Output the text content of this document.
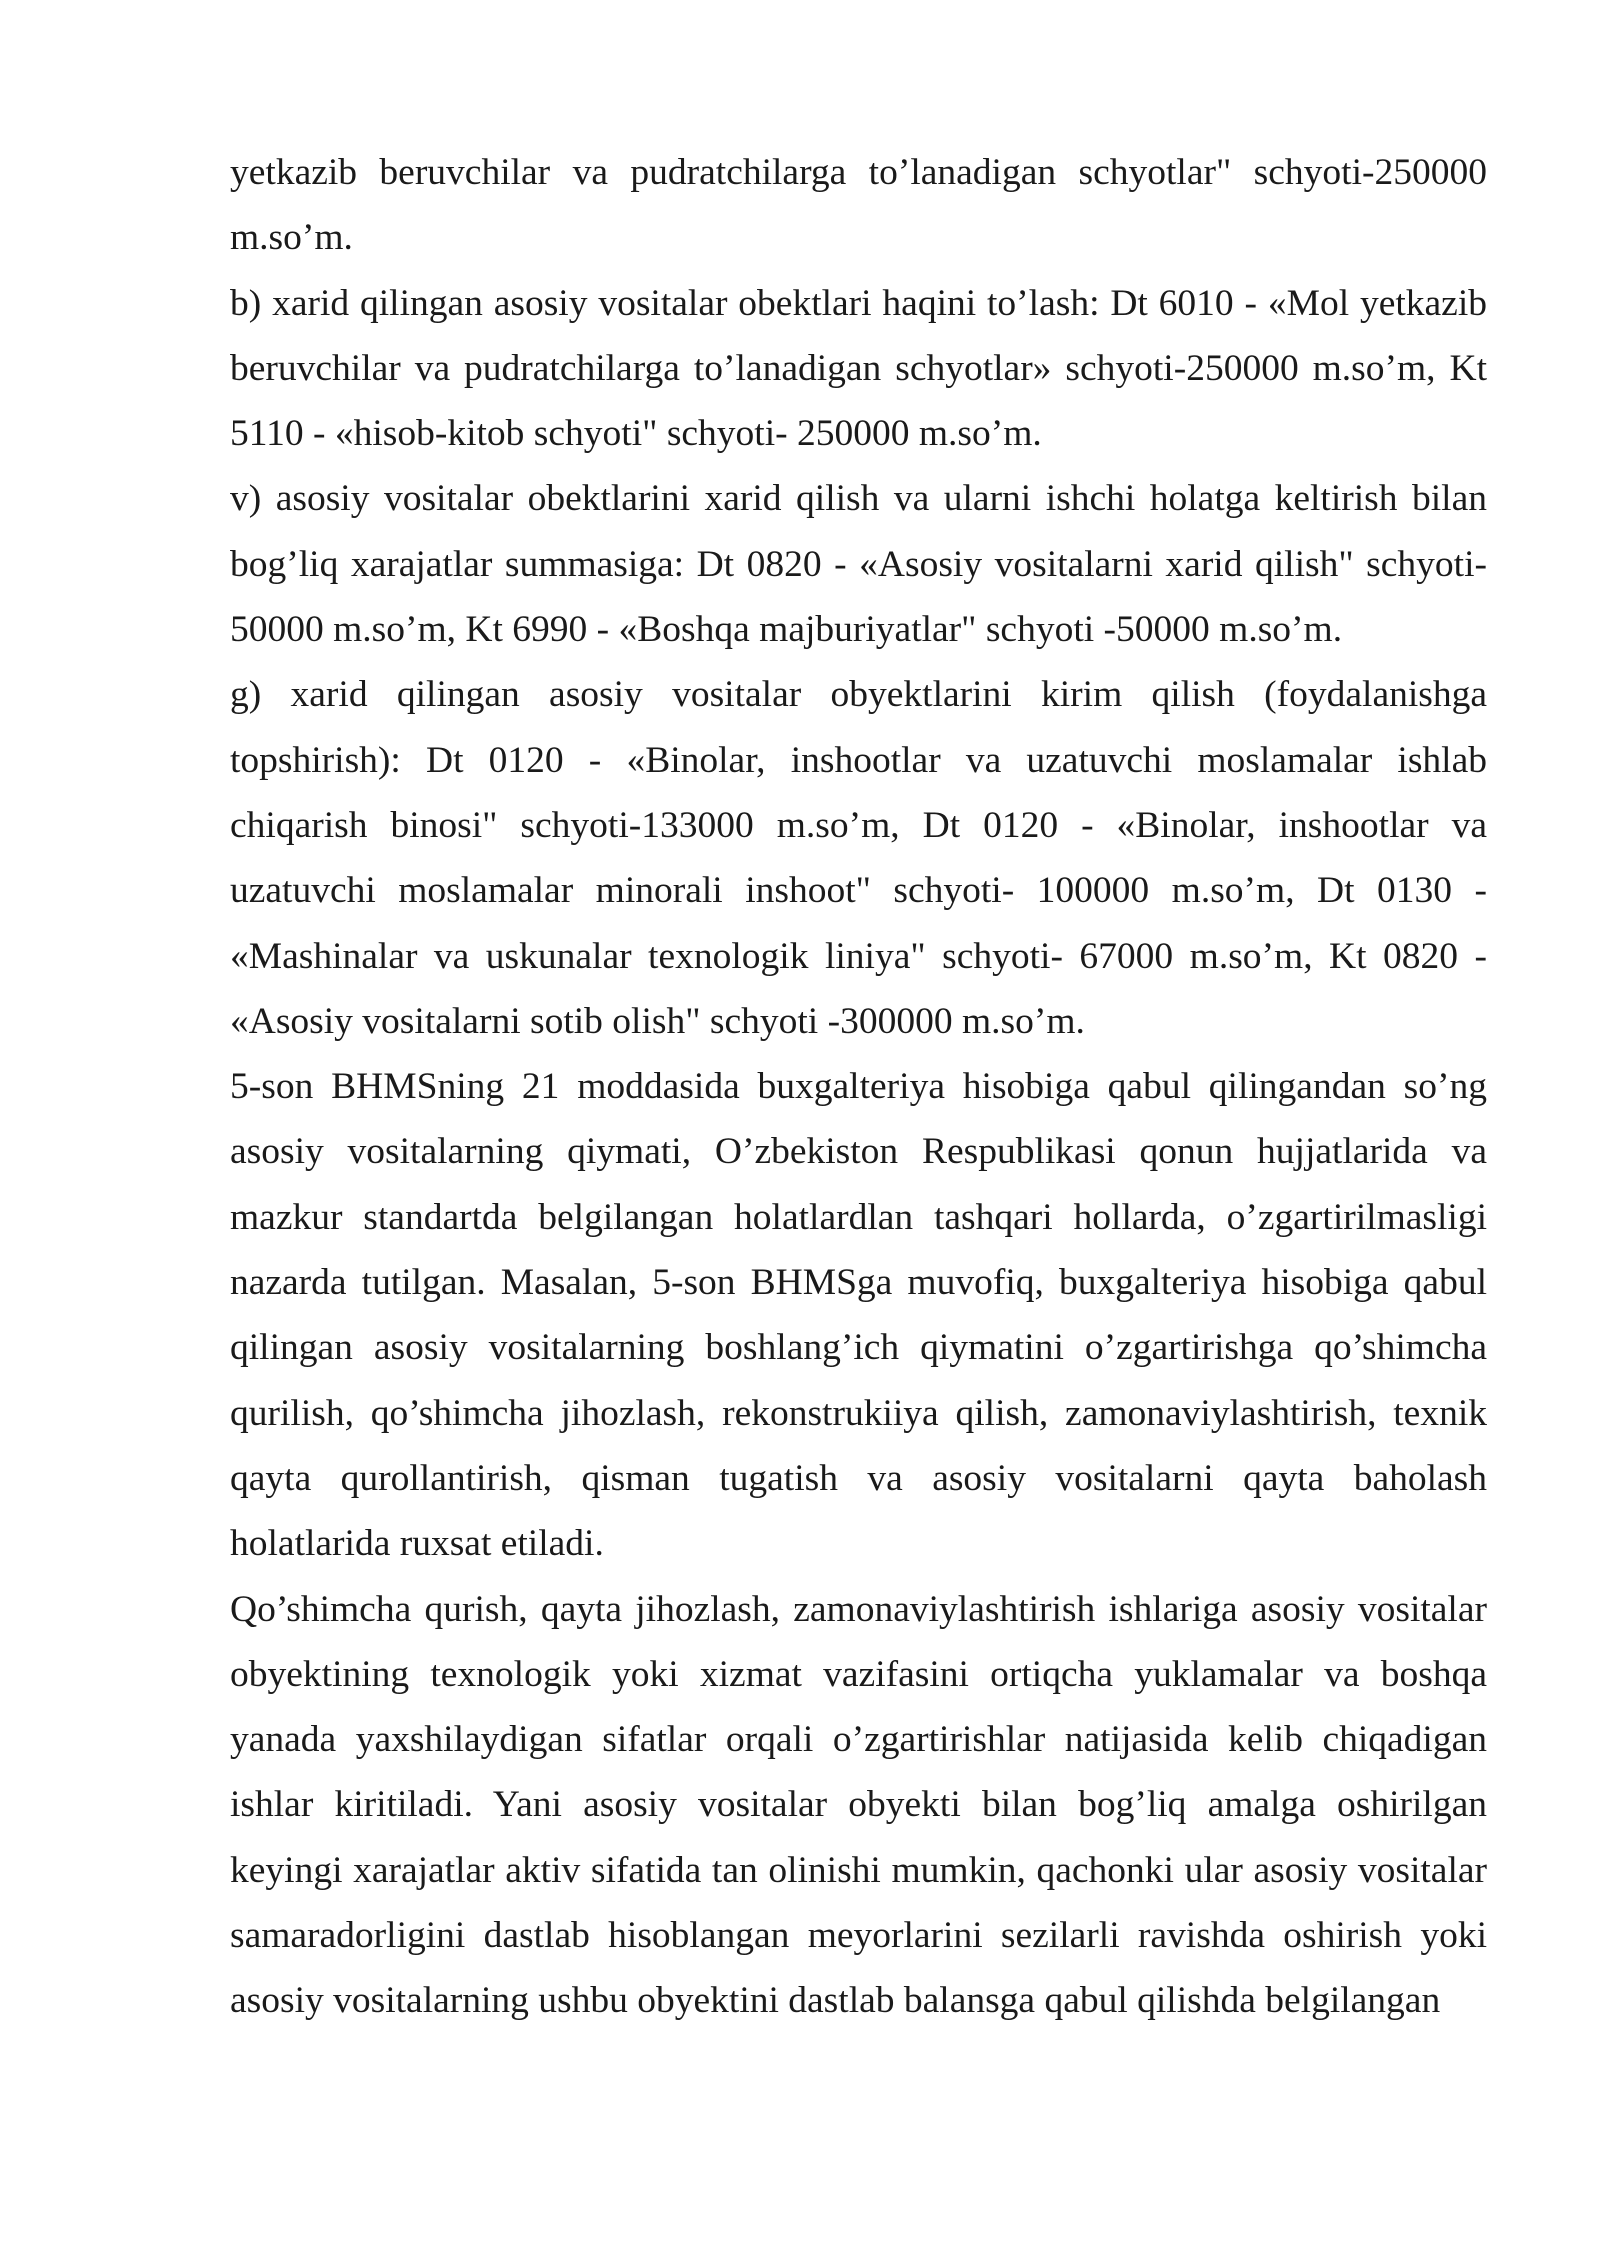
yetkazib beruvchilar va pudratchilarga to’lanadigan schyotlar" schyoti-250000 m.so’m.

b) xarid qilingan asosiy vositalar obektlari haqini to’lash: Dt 6010 - «Mol yetkazib beruvchilar va pudratchilarga to’lanadigan schyotlar» schyoti-250000 m.so’m, Kt 5110 - «hisob-kitob schyoti" schyoti- 250000 m.so’m.

v) asosiy vositalar obektlarini xarid qilish va ularni ishchi holatga keltirish bilan bog’liq xarajatlar summasiga: Dt 0820 - «Asosiy vositalarni xarid qilish" schyoti-50000 m.so’m, Kt 6990 - «Boshqa majburiyatlar" schyoti -50000 m.so’m.

g) xarid qilingan asosiy vositalar obyektlarini kirim qilish (foydalanishga topshirish): Dt 0120 - «Binolar, inshootlar va uzatuvchi moslamalar ishlab chiqarish binosi" schyoti-133000 m.so’m, Dt 0120 - «Binolar, inshootlar va uzatuvchi moslamalar minorali inshoot" schyoti- 100000 m.so’m, Dt 0130 - «Mashinalar va uskunalar texnologik liniya" schyoti- 67000 m.so’m, Kt 0820 - «Asosiy vositalarni sotib olish" schyoti -300000 m.so’m.

5-son BHMSning 21 moddasida buxgalteriya hisobiga qabul qilingandan so’ng asosiy vositalarning qiymati, O’zbekiston Respublikasi qonun hujjatlarida va mazkur standartda belgilangan holatlardlan tashqari hollarda, o’zgartirilmasligi nazarda tutilgan. Masalan, 5-son BHMSga muvofiq, buxgalteriya hisobiga qabul qilingan asosiy vositalarning boshlang’ich qiymatini o’zgartirishga qo’shimcha qurilish, qo’shimcha jihozlash, rekonstrukiiya qilish, zamonaviylashtirish, texnik qayta qurollantirish, qisman tugatish va asosiy vositalarni qayta baholash holatlarida ruxsat etiladi.

Qo’shimcha qurish, qayta jihozlash, zamonaviylashtirish ishlariga asosiy vositalar obyektining texnologik yoki xizmat vazifasini ortiqcha yuklamalar va boshqa yanada yaxshilaydigan sifatlar orqali o’zgartirishlar natijasida kelib chiqadigan ishlar kiritiladi. Yani asosiy vositalar obyekti bilan bog’liq amalga oshirilgan keyingi xarajatlar aktiv sifatida tan olinishi mumkin, qachonki ular asosiy vositalar samaradorligini dastlab hisoblangan meyorlarini sezilarli ravishda oshirish yoki asosiy vositalarning ushbu obyektini dastlab balansga qabul qilishda belgilangan
